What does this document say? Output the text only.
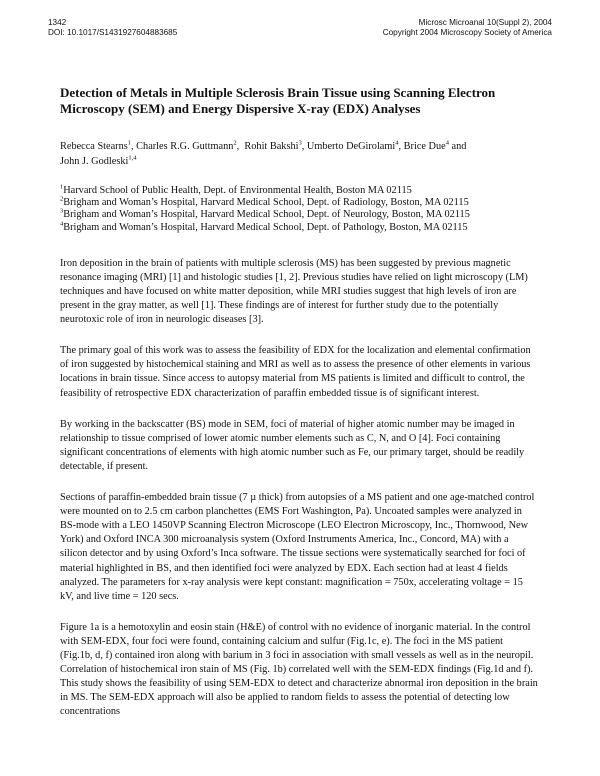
1342
DOI: 10.1017/S1431927604883685
Microsc Microanal 10(Suppl 2), 2004
Copyright 2004 Microscopy Society of America
Detection of Metals in Multiple Sclerosis Brain Tissue using Scanning Electron Microscopy (SEM) and Energy Dispersive X-ray (EDX) Analyses
Rebecca Stearns$^1$, Charles R.G. Guttmann$^2$,  Rohit Bakshi$^3$, Umberto DeGirolami$^4$, Brice Due$^4$ and
John J. Godleski$^{1,4}$
$^1$Harvard School of Public Health, Dept. of Environmental Health, Boston MA 02115
$^2$Brigham and Woman’s Hospital, Harvard Medical School, Dept. of Radiology, Boston, MA 02115
$^3$Brigham and Woman’s Hospital, Harvard Medical School, Dept. of Neurology, Boston, MA 02115
$^4$Brigham and Woman’s Hospital, Harvard Medical School, Dept. of Pathology, Boston, MA 02115

Iron deposition in the brain of patients with multiple sclerosis (MS) has been suggested by previous magnetic resonance imaging (MRI) [1] and histologic studies [1, 2]. Previous studies have relied on light microscopy (LM) techniques and have focused on white matter deposition, while MRI studies suggest that high levels of iron are present in the gray matter, as well [1]. These findings are of interest for further study due to the potentially neurotoxic role of iron in neurologic diseases [3].

The primary goal of this work was to assess the feasibility of EDX for the localization and elemental confirmation of iron suggested by histochemical staining and MRI as well as to assess the presence of other elements in various locations in brain tissue. Since access to autopsy material from MS patients is limited and difficult to control, the feasibility of retrospective EDX characterization of paraffin embedded tissue is of significant interest.

By working in the backscatter (BS) mode in SEM, foci of material of higher atomic number may be imaged in relationship to tissue comprised of lower atomic number elements such as C, N, and O [4]. Foci containing significant concentrations of elements with high atomic number such as Fe, our primary target, should be readily detectable, if present.

Sections of paraffin-embedded brain tissue (7 µ thick) from autopsies of a MS patient and one age-matched control were mounted on to 2.5 cm carbon planchettes (EMS Fort Washington, Pa). Uncoated samples were analyzed in BS-mode with a LEO 1450VP Scanning Electron Microscope (LEO Electron Microscopy, Inc., Thornwood, New York) and Oxford INCA 300 microanalysis system (Oxford Instruments America, Inc., Concord, MA) with a silicon detector and by using Oxford’s Inca software. The tissue sections were systematically searched for foci of material highlighted in BS, and then identified foci were analyzed by EDX. Each section had at least 4 fields analyzed. The parameters for x-ray analysis were kept constant: magnification = 750x, accelerating voltage = 15 kV, and live time = 120 secs.

Figure 1a is a hemotoxylin and eosin stain (H&E) of control with no evidence of inorganic material. In the control with SEM-EDX, four foci were found, containing calcium and sulfur (Fig.1c, e). The foci in the MS patient (Fig.1b, d, f) contained iron along with barium in 3 foci in association with small vessels as well as in the neuropil. Correlation of histochemical iron stain of MS (Fig. 1b) correlated well with the SEM-EDX findings (Fig.1d and f). This study shows the feasibility of using SEM-EDX to detect and characterize abnormal iron deposition in the brain in MS. The SEM-EDX approach will also be applied to random fields to assess the potential of detecting low concentrations
